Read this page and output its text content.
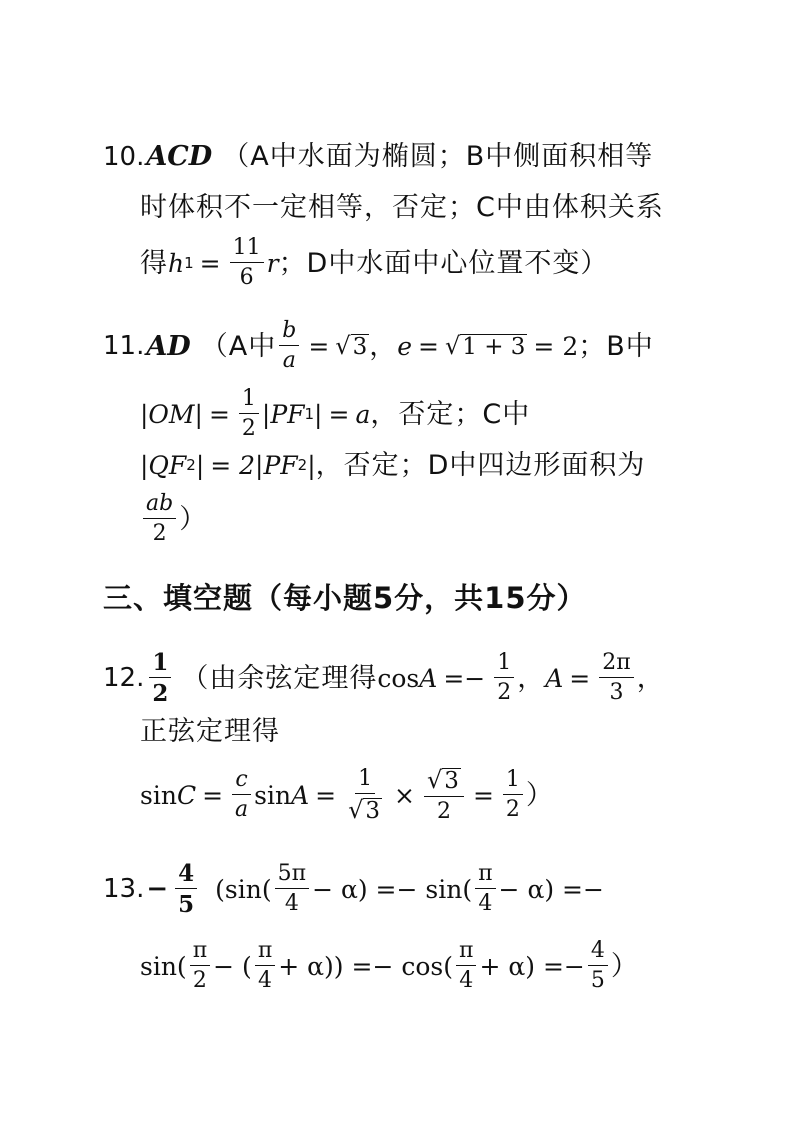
10. ACD （A中水面为椭圆；B中侧面积相等
时体积不一定相等，否定；C中由体积关系
得 h $1 = \frac{11}{6}$ r ；D中水面中心位置不变）
11. AD （A中 $\frac{b}{a}$ = √ 3 ， e = √ 1 + 3 = 2 ；B中
$|OM| = \frac{1}{2} |PF$ 1 | = a ，否定；C中
|QF 2 | = 2|PF 2 | ，否定；D中四边形面积为
$\frac{ab}{2}$ ）
三、填空题（每小题5分，共15分）
12. $\frac{1}{2}$ （由余弦定理得 $\cos A =- \frac{1}{2}$ ， $A = \frac{2\pi}{3}$ ，
正弦定理得
$\sin C = \frac{c}{a}$ $\sin A = \frac{1}{√ 3} \times \frac{√ 3}{2} = \frac{1}{2}$ ）
13. − $\frac{4}{5} (\sin( \frac{5\pi}{4} - \alpha) =- \sin( \frac{\pi}{4} - \alpha)$ =−
$\sin( \frac{\pi}{2}$ − ( $\frac{\pi}{4} + \alpha)) =- \cos( \frac{\pi}{4} + \alpha) =- \frac{4}{5}$ ）
